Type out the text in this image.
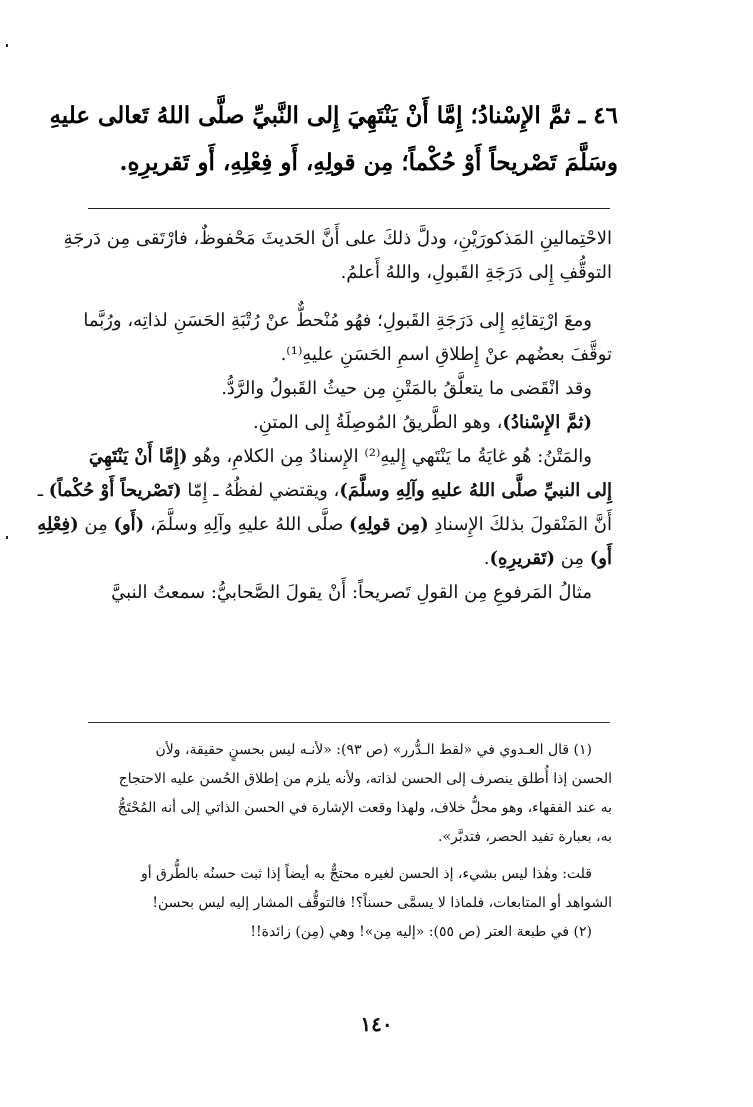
٤٦ ـ ثمَّ الإِسْنادُ؛ إِمَّا أَنْ يَنْتَهِيَ إِلى النَّبيِّ صلَّى اللهُ تَعالى عليهِ
وسَلَّمَ تَصْريحاً أَوْ حُكْماً؛ مِن قولِهِ، أَو فِعْلِهِ، أَو تَقريرِهِ.
الاحْتِمالينِ المَذكورَيْنِ، ودلَّ ذلكَ على أَنَّ الحَديثَ مَحْفوظٌ، فارْتَقى مِن دَرجَةِ
التوقُّفِ إِلى دَرَجَةِ القَبولِ، واللهُ أَعلمُ.
ومعَ ارْتِقائِهِ إِلى دَرَجَةِ القَبولِ؛ فهُو مُنْحطٌّ عنْ رُتْبَةِ الحَسَنِ لذاتِه، ورُبَّما
توقَّفَ بعضُهم عنْ إِطلاقِ اسمِ الحَسَنِ عليهِ⁽¹⁾.
وقد انْقَضى ما يتعلَّقُ بالمَتْنِ مِن حيثُ القَبولُ والرَّدُّ.
(ثمَّ الإِسْنادُ)، وهو الطَّريقُ المُوصِلَةُ إِلى المتنِ.
والمَتْنُ: هُو غايَةُ ما يَنْتَهي إِليهِ⁽²⁾ الإِسنادُ مِن الكلامِ، وهُو (إِمَّا أَنْ يَنْتَهِيَ
إِلى النبيِّ صلَّى اللهُ عليهِ وآلِهِ وسلَّمَ)، ويقتضي لفظُهُ ـ إِمّا (تَصْريحاً أَوْ حُكْماً) ـ
أَنَّ المَنْقولَ بذلكَ الإِسنادِ (مِن قولِهِ) صلَّى اللهُ عليهِ وآلِهِ وسلَّمَ، (أَو) مِن (فِعْلِهِ
أَو) مِن (تَقريرِهِ).
مثالُ المَرفوعِ مِن القولِ تَصريحاً: أَنْ يقولَ الصَّحابيُّ: سمعتُ النبيَّ
(١) قال العـدوي في «لقط الـدُّرر» (ص ٩٣): «لأنـه ليس بحسنٍ حقيقة، ولأن
الحسن إذا أُطلق ينصرف إلى الحسن لذاته، ولأنه يلزم من إطلاق الحُسن عليه الاحتجاج
به عند الفقهاء، وهو محلُّ خلاف، ولهذا وقعت الإشارة في الحسن الذاتي إلى أنه المُحْتَجُّ
به، بعبارة تفيد الحصر، فتدبَّر».
قلت: وهٰذا ليس بشيء، إذ الحسن لغيره محتجٌّ به أيضاً إذا ثبت حسنُه بالطُّرق أو
الشواهد أو المتابعات، فلماذا لا يسمَّى حسناً؟! فالتوقُّف المشار إليه ليس بحسن!
(٢) في طبعة العتر (ص ٥٥): «إليه مِن»! وهي (مِن) زائدة!!
١٤٠
